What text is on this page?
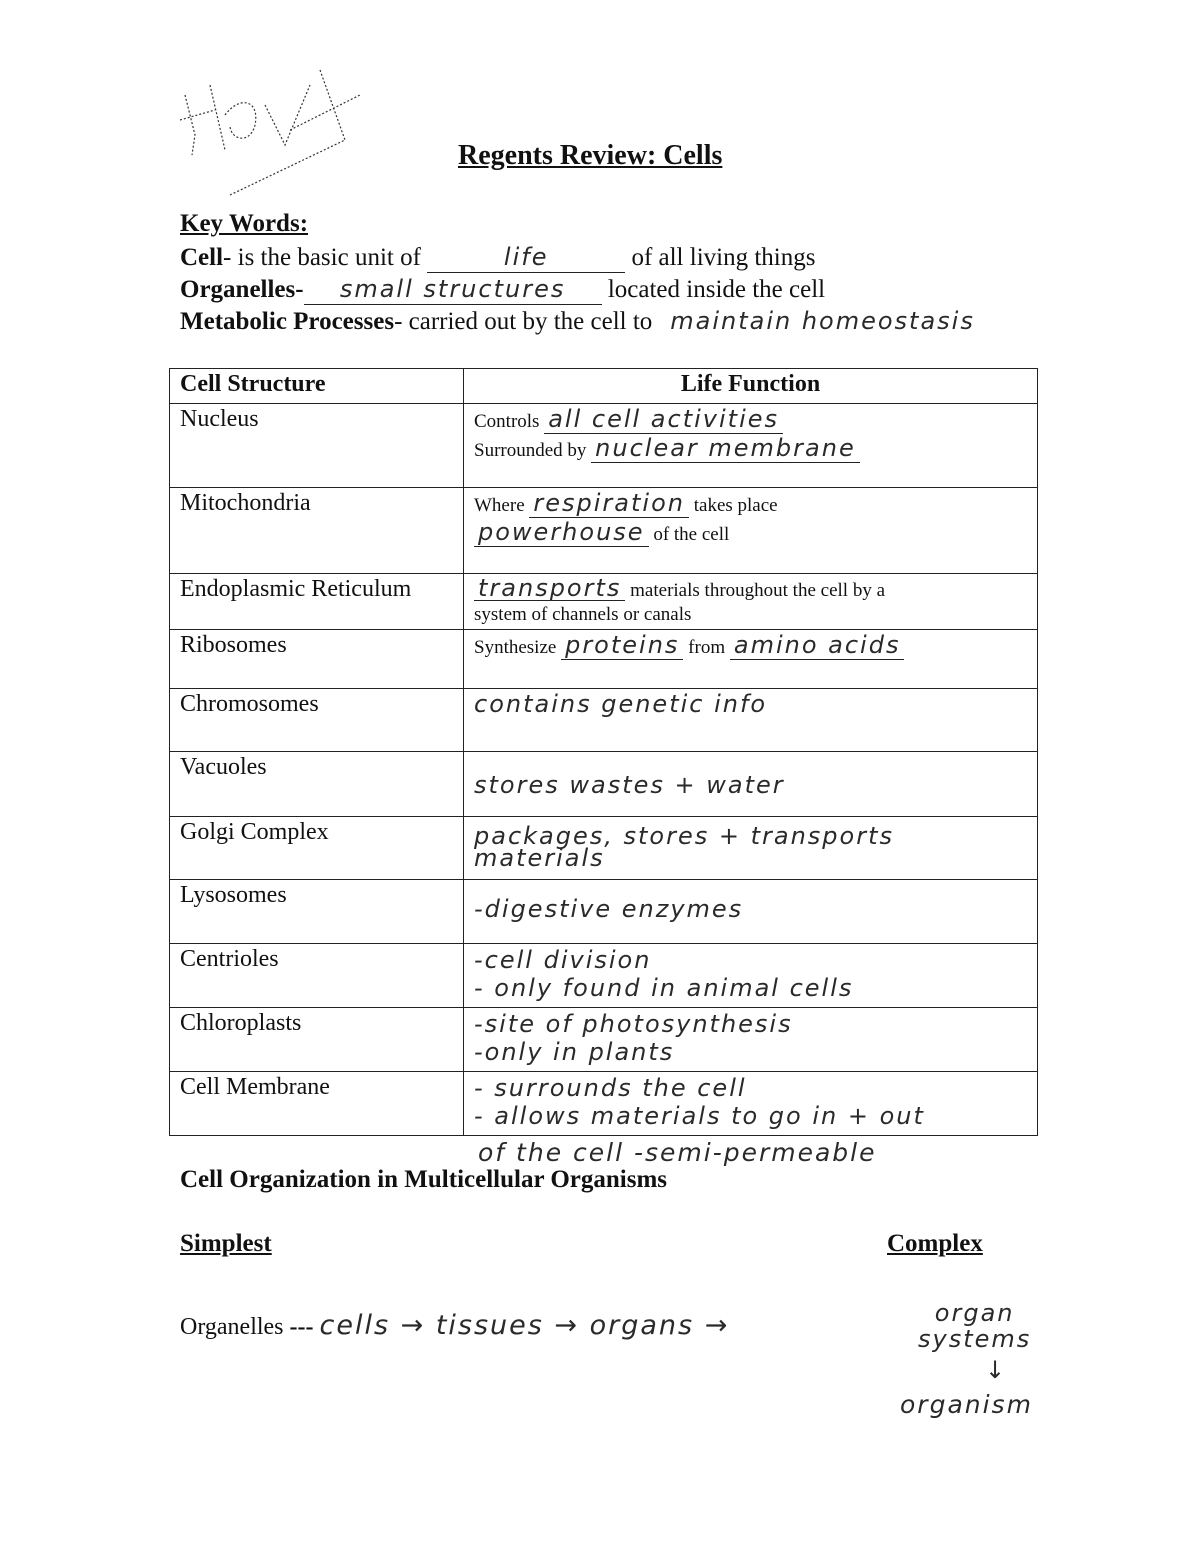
Regents Review: Cells
Key Words:
Cell- is the basic unit of	life	of all living things
Organelles- small structures located inside the cell
Metabolic Processes- carried out by the cell to maintain homeostasis
Cell Structure	Life Function
Nucleus	Controls all cell activities
Surrounded by nuclear membrane

Mitochondria	Where respiration takes place
powerhouse of the cell

Endoplasmic Reticulum	transports materials throughout the cell by a
system of channels or canals

Ribosomes	Synthesize proteins from amino acids

Chromosomes	contains genetic info

Vacuoles	stores wastes + water

Golgi Complex	packages, stores + transports
materials

Lysosomes	-digestive enzymes

Centrioles	-cell division
- only found in animal cells

Chloroplasts	-site of photosynthesis
-only in plants

Cell Membrane	- surrounds the cell
- allows materials to go in + out
of the cell -semi-permeable
Cell Organization in Multicellular Organisms
Simplest	Complex
Organelles --- cells → tissues → organs →	organ
systems
↓
organism
